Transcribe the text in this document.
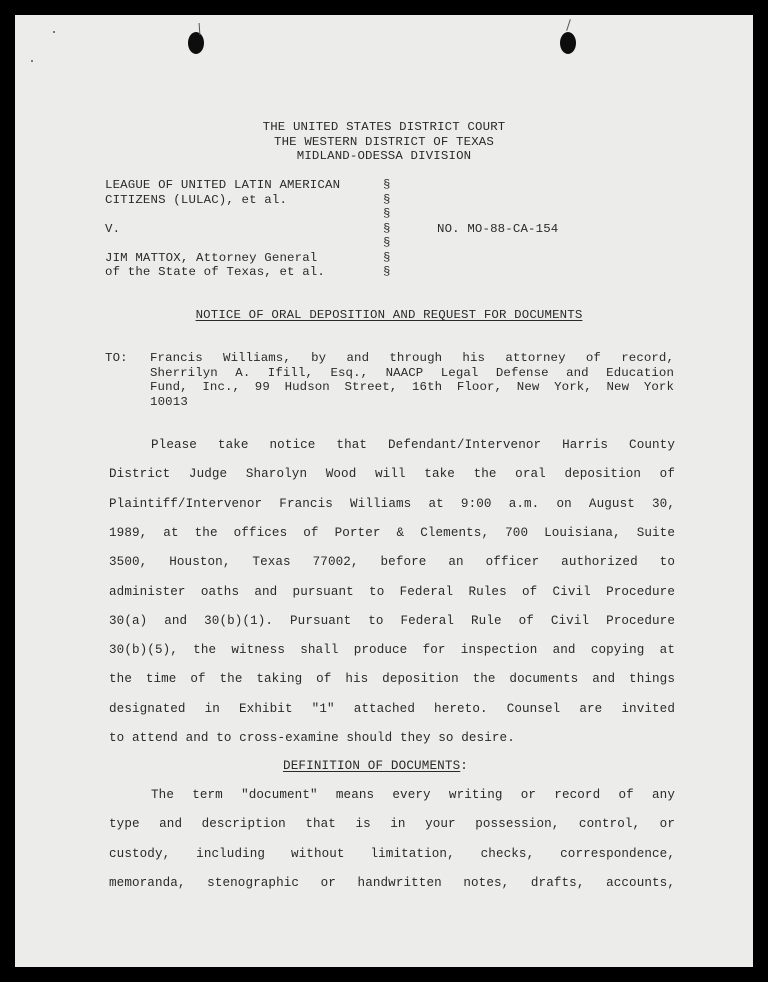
THE UNITED STATES DISTRICT COURT
THE WESTERN DISTRICT OF TEXAS
MIDLAND-ODESSA DIVISION
LEAGUE OF UNITED LATIN AMERICAN
CITIZENS (LULAC), et al.
V.
JIM MATTOX, Attorney General
of the State of Texas, et al.
§
§
§
§
§
§
§
NO. MO-88-CA-154
NOTICE OF ORAL DEPOSITION AND REQUEST FOR DOCUMENTS
TO: Francis Williams, by and through his attorney of record,
Sherrilyn A. Ifill, Esq., NAACP Legal Defense and Education
Fund, Inc., 99 Hudson Street, 16th Floor, New York, New York
10013
Please take notice that Defendant/Intervenor Harris County
District Judge Sharolyn Wood will take the oral deposition of
Plaintiff/Intervenor Francis Williams at 9:00 a.m. on August 30,
1989, at the offices of Porter & Clements, 700 Louisiana, Suite
3500, Houston, Texas 77002, before an officer authorized to
administer oaths and pursuant to Federal Rules of Civil Procedure
30(a) and 30(b)(1). Pursuant to Federal Rule of Civil Procedure
30(b)(5), the witness shall produce for inspection and copying at
the time of the taking of his deposition the documents and things
designated in Exhibit "1" attached hereto. Counsel are invited
to attend and to cross-examine should they so desire.
DEFINITION OF DOCUMENTS:
The term "document" means every writing or record of any
type and description that is in your possession, control, or
custody, including without limitation, checks, correspondence,
memoranda, stenographic or handwritten notes, drafts, accounts,
